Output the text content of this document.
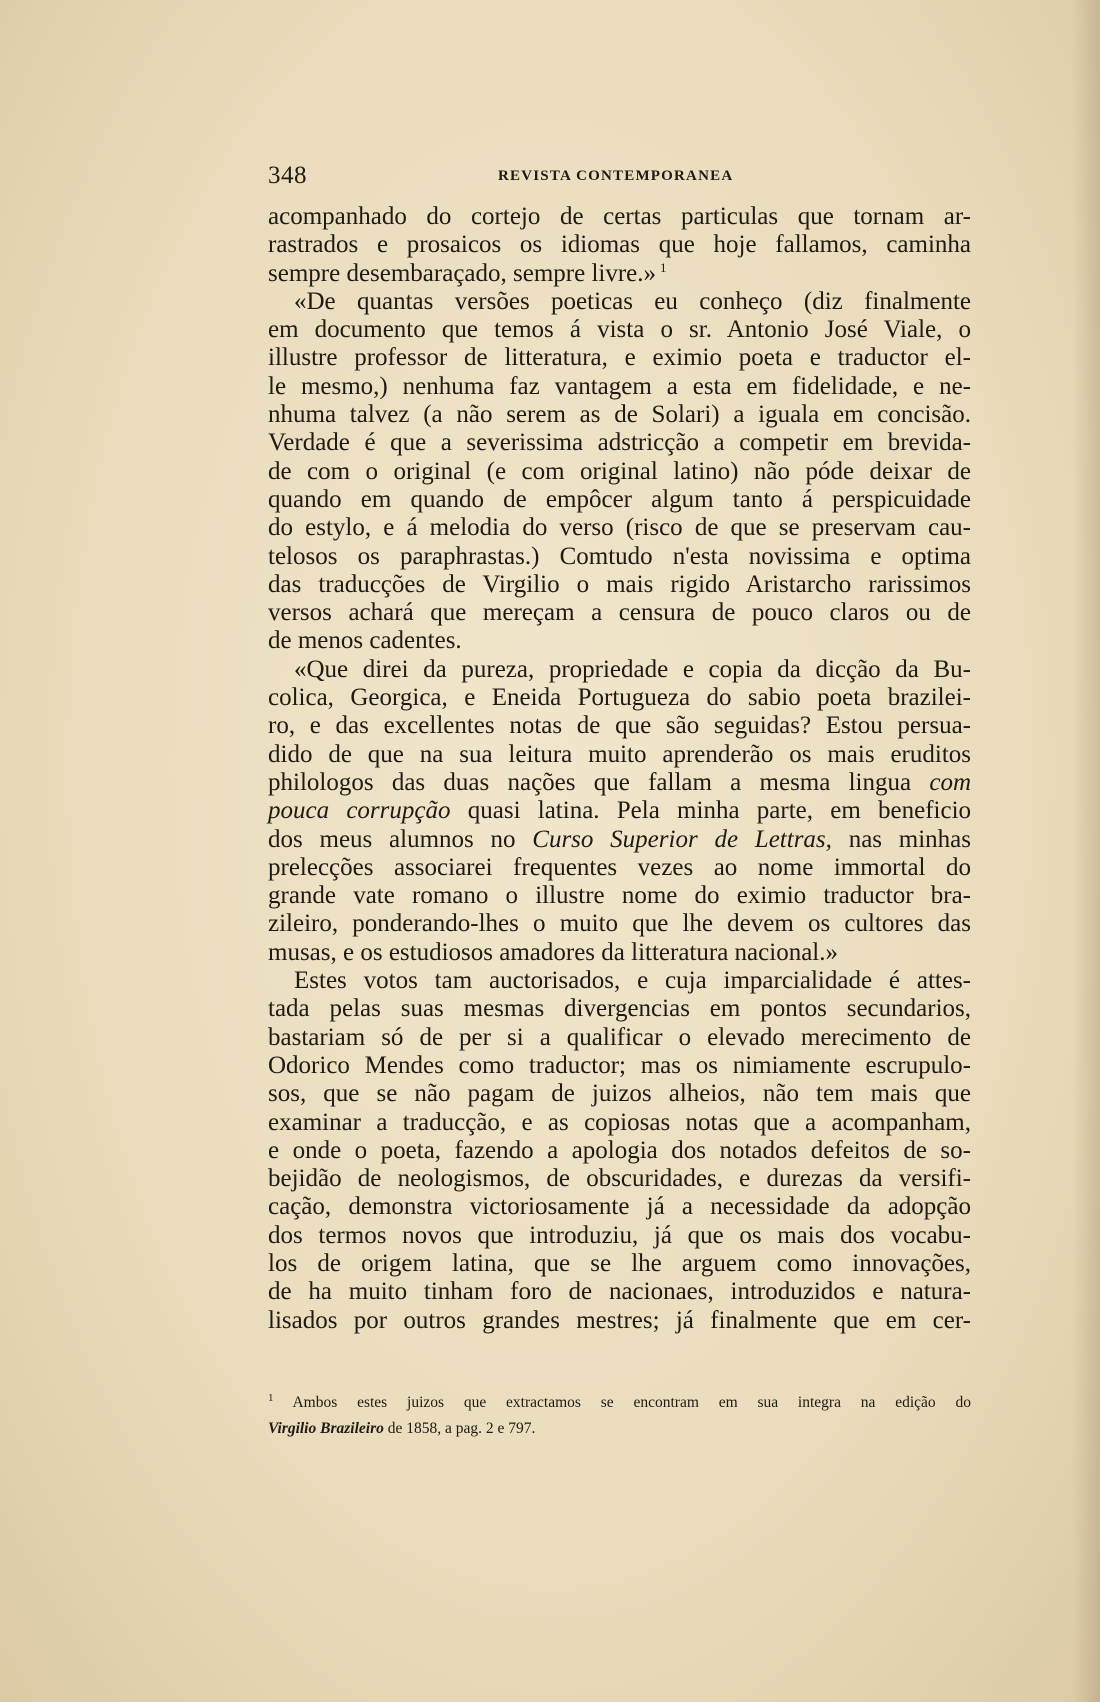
348	REVISTA CONTEMPORANEA
acompanhado do cortejo de certas particulas que tornam ar-
rastrados e prosaicos os idiomas que hoje fallamos, caminha
sempre desembaraçado, sempre livre.» $^1$
«De quantas versões poeticas eu conheço (diz finalmente
em documento que temos á vista o sr. Antonio José Viale, o
illustre professor de litteratura, e eximio poeta e traductor el-
le mesmo,) nenhuma faz vantagem a esta em fidelidade, e ne-
nhuma talvez (a não serem as de Solari) a iguala em concisão.
Verdade é que a severissima adstricção a competir em brevida-
de com o original (e com original latino) não póde deixar de
quando em quando de empôcer algum tanto á perspicuidade
do estylo, e á melodia do verso (risco de que se preservam cau-
telosos os paraphrastas.) Comtudo n'esta novissima e optima
das traducções de Virgilio o mais rigido Aristarcho rarissimos
versos achará que mereçam a censura de pouco claros ou de
de menos cadentes.
«Que direi da pureza, propriedade e copia da dicção da Bu-
colica, Georgica, e Eneida Portugueza do sabio poeta brazilei-
ro, e das excellentes notas de que são seguidas? Estou persua-
dido de que na sua leitura muito aprenderão os mais eruditos
philologos das duas nações que fallam a mesma lingua com
pouca corrupção quasi latina. Pela minha parte, em beneficio
dos meus alumnos no Curso Superior de Lettras, nas minhas
prelecções associarei frequentes vezes ao nome immortal do
grande vate romano o illustre nome do eximio traductor bra-
zileiro, ponderando-lhes o muito que lhe devem os cultores das
musas, e os estudiosos amadores da litteratura nacional.»
Estes votos tam auctorisados, e cuja imparcialidade é attes-
tada pelas suas mesmas divergencias em pontos secundarios,
bastariam só de per si a qualificar o elevado merecimento de
Odorico Mendes como traductor; mas os nimiamente escrupulo-
sos, que se não pagam de juizos alheios, não tem mais que
examinar a traducção, e as copiosas notas que a acompanham,
e onde o poeta, fazendo a apologia dos notados defeitos de so-
bejidão de neologismos, de obscuridades, e durezas da versifi-
cação, demonstra victoriosamente já a necessidade da adopção
dos termos novos que introduziu, já que os mais dos vocabu-
los de origem latina, que se lhe arguem como innovações,
de ha muito tinham foro de nacionaes, introduzidos e natura-
lisados por outros grandes mestres; já finalmente que em cer-
$^1$ Ambos estes juizos que extractamos se encontram em sua integra na edição do
Virgilio Brazileiro de 1858, a pag. 2 e 797.
